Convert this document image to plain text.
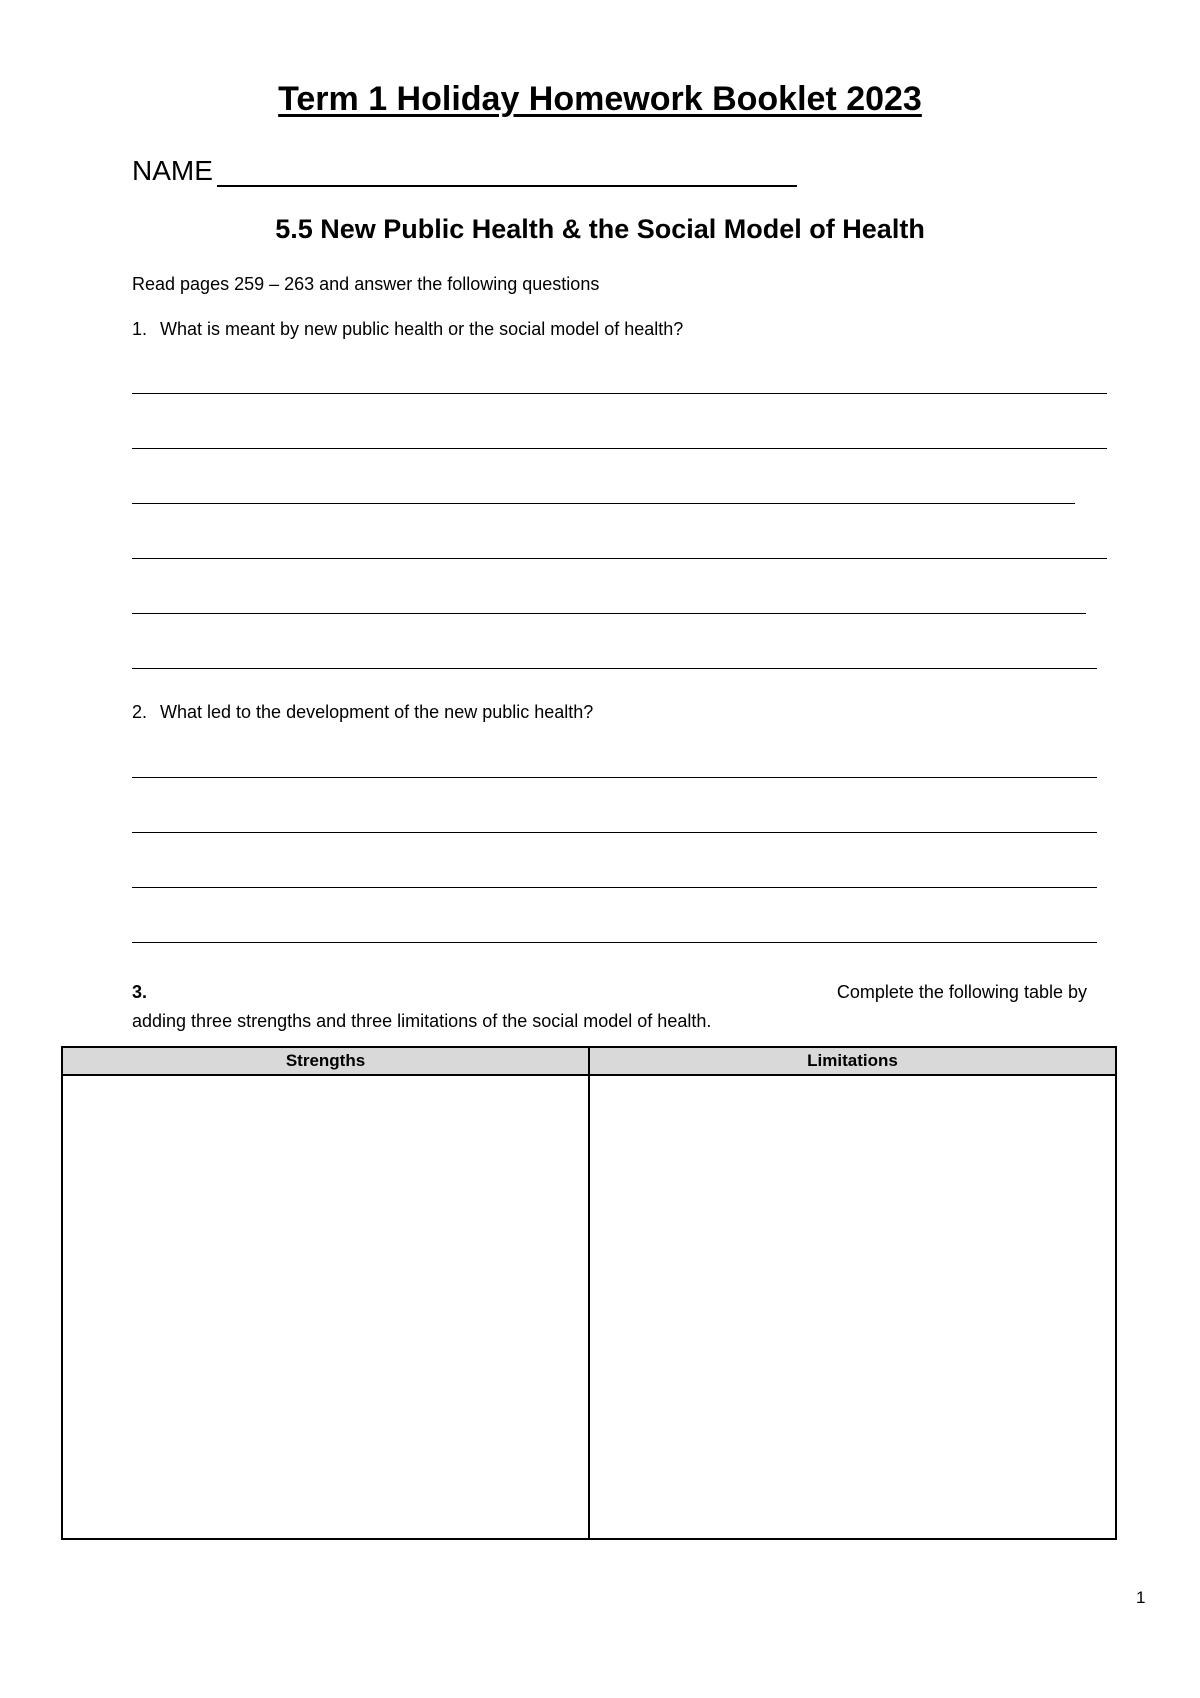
Term 1 Holiday Homework Booklet 2023
NAME
5.5 New Public Health & the Social Model of Health
Read pages 259 – 263 and answer the following questions
1. What is meant by new public health or the social model of health?
2. What led to the development of the new public health?
3.	Complete the following table by
adding three strengths and three limitations of the social model of health.
Strengths	Limitations
1
